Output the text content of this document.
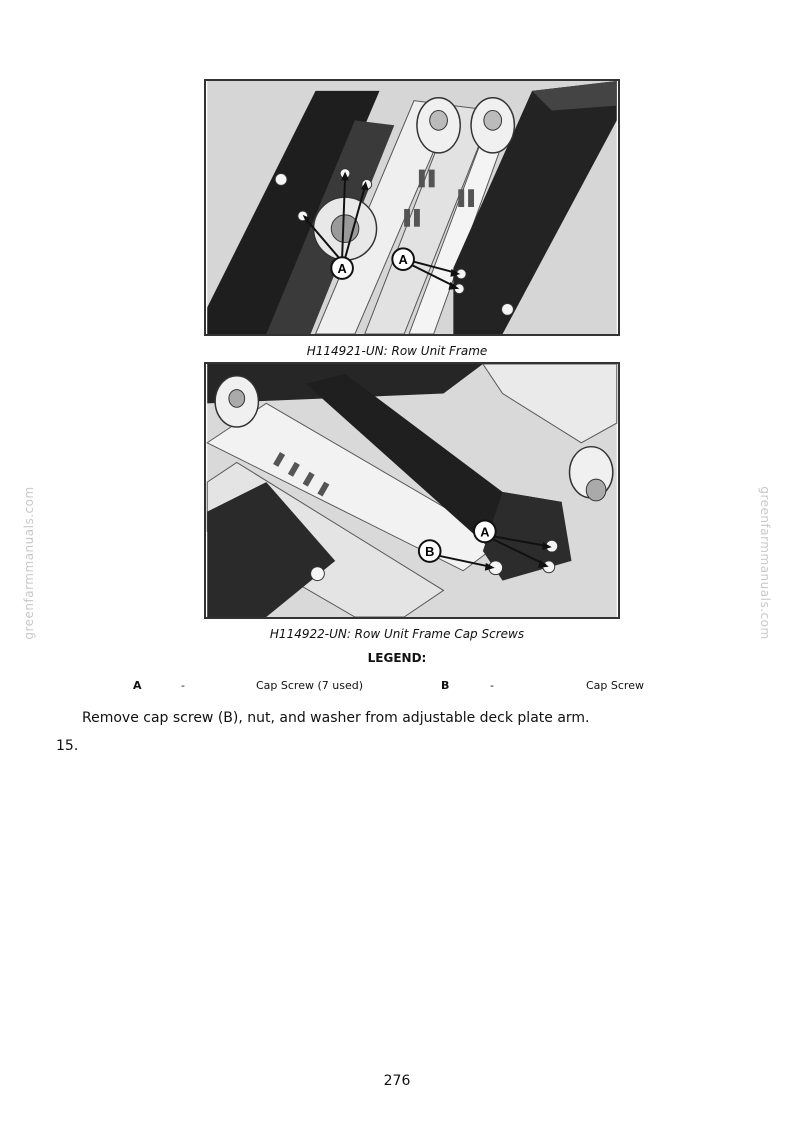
A
A
H114921-UN: Row Unit Frame
A
B
H114922-UN: Row Unit Frame Cap Screws
LEGEND:
A	-	Cap Screw (7 used)	B	-	Cap Screw
Remove cap screw (B), nut, and washer from adjustable deck plate arm.
15.
greenfarmmanuals.com	greenfarmmanuals.com
276
